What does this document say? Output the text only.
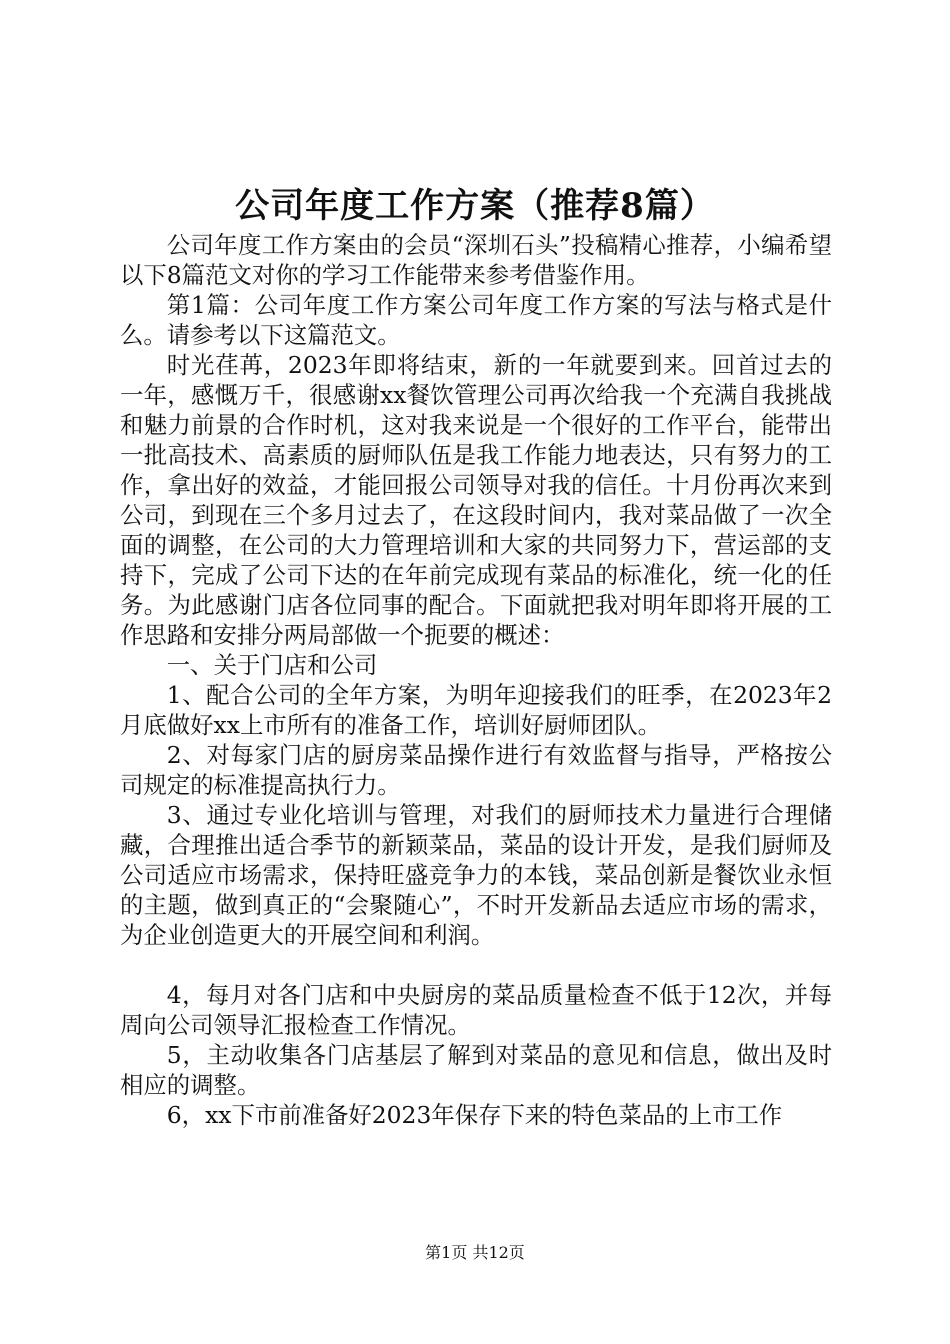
公司年度工作方案（推荐8篇）

公司年度工作方案由的会员“深圳石头”投稿精心推荐，小编希望以下8篇范文对你的学习工作能带来参考借鉴作用。

第1篇：公司年度工作方案公司年度工作方案的写法与格式是什么。请参考以下这篇范文。

时光荏苒，2023年即将结束，新的一年就要到来。回首过去的一年，感慨万千，很感谢xx餐饮管理公司再次给我一个充满自我挑战和魅力前景的合作时机，这对我来说是一个很好的工作平台，能带出一批高技术、高素质的厨师队伍是我工作能力地表达，只有努力的工作，拿出好的效益，才能回报公司领导对我的信任。十月份再次来到公司，到现在三个多月过去了，在这段时间内，我对菜品做了一次全面的调整，在公司的大力管理培训和大家的共同努力下，营运部的支持下，完成了公司下达的在年前完成现有菜品的标准化，统一化的任务。为此感谢门店各位同事的配合。下面就把我对明年即将开展的工作思路和安排分两局部做一个扼要的概述：

一、关于门店和公司

1、配合公司的全年方案，为明年迎接我们的旺季，在2023年2月底做好xx上市所有的准备工作，培训好厨师团队。

2、对每家门店的厨房菜品操作进行有效监督与指导，严格按公司规定的标准提高执行力。

3、通过专业化培训与管理，对我们的厨师技术力量进行合理储藏，合理推出适合季节的新颖菜品，菜品的设计开发，是我们厨师及公司适应市场需求，保持旺盛竞争力的本钱，菜品创新是餐饮业永恒的主题，做到真正的“会聚随心”，不时开发新品去适应市场的需求，为企业创造更大的开展空间和利润。

4，每月对各门店和中央厨房的菜品质量检查不低于12次，并每周向公司领导汇报检查工作情况。

5，主动收集各门店基层了解到对菜品的意见和信息，做出及时相应的调整。

6，xx下市前准备好2023年保存下来的特色菜品的上市工作

第1页 共12页
